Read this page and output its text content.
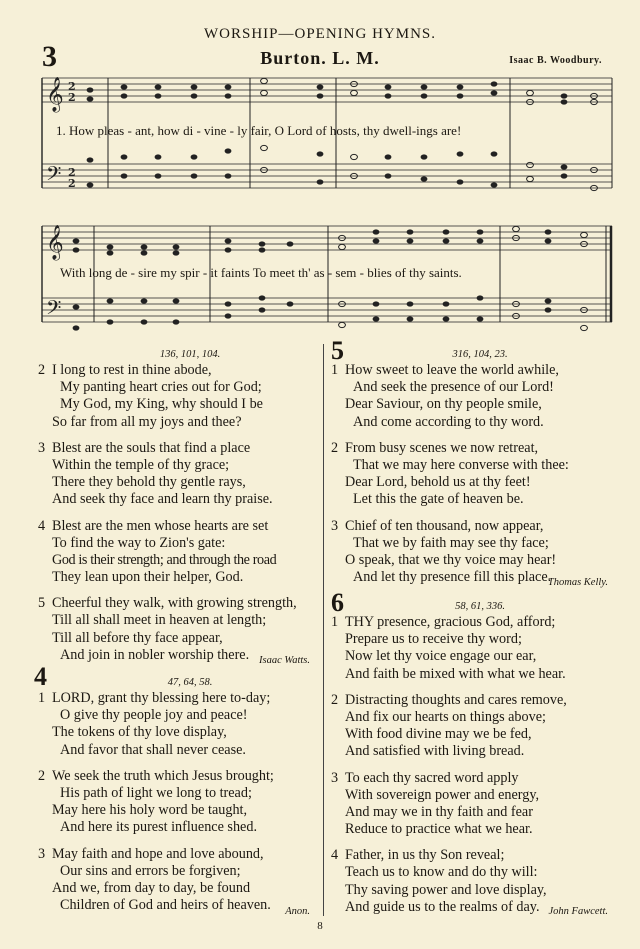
WORSHIP—OPENING HYMNS.
3	Burton. L. M.	Isaac B. Woodbury.
𝄞
𝄢
2
2
2
2
𝄞
𝄢
1. How pleas - ant, how di - vine - ly fair, O Lord of hosts, thy dwell-ings are!
With long de - sire my spir - it faints To meet th' as - sem - blies of thy saints.
136, 101, 104.
2 I long to rest in thine abode,
My panting heart cries out for God;
My God, my King, why should I be
So far from all my joys and thee?
3 Blest are the souls that find a place
Within the temple of thy grace;
There they behold thy gentle rays,
And seek thy face and learn thy praise.
4 Blest are the men whose hearts are set
To find the way to Zion's gate:
God is their strength; and through the road
They lean upon their helper, God.
5 Cheerful they walk, with growing strength,
Till all shall meet in heaven at length;
Till all before thy face appear,
And join in nobler worship there. Isaac Watts.
4	47, 64, 58.
1 LORD, grant thy blessing here to-day;
O give thy people joy and peace!
The tokens of thy love display,
And favor that shall never cease.
2 We seek the truth which Jesus brought;
His path of light we long to tread;
May here his holy word be taught,
And here its purest influence shed.
3 May faith and hope and love abound,
Our sins and errors be forgiven;
And we, from day to day, be found
Children of God and heirs of heaven.	Anon.
5	316, 104, 23.
1 How sweet to leave the world awhile,
And seek the presence of our Lord!
Dear Saviour, on thy people smile,
And come according to thy word.
2 From busy scenes we now retreat,
That we may here converse with thee:
Dear Lord, behold us at thy feet!
Let this the gate of heaven be.
3 Chief of ten thousand, now appear,
That we by faith may see thy face;
O speak, that we thy voice may hear!
And let thy presence fill this place.
Thomas Kelly.
6	58, 61, 336.
1 THY presence, gracious God, afford;
Prepare us to receive thy word;
Now let thy voice engage our ear,
And faith be mixed with what we hear.
2 Distracting thoughts and cares remove,
And fix our hearts on things above;
With food divine may we be fed,
And satisfied with living bread.
3 To each thy sacred word apply
With sovereign power and energy,
And may we in thy faith and fear
Reduce to practice what we hear.
4 Father, in us thy Son reveal;
Teach us to know and do thy will:
Thy saving power and love display,
And guide us to the realms of day. John Fawcett.
8
